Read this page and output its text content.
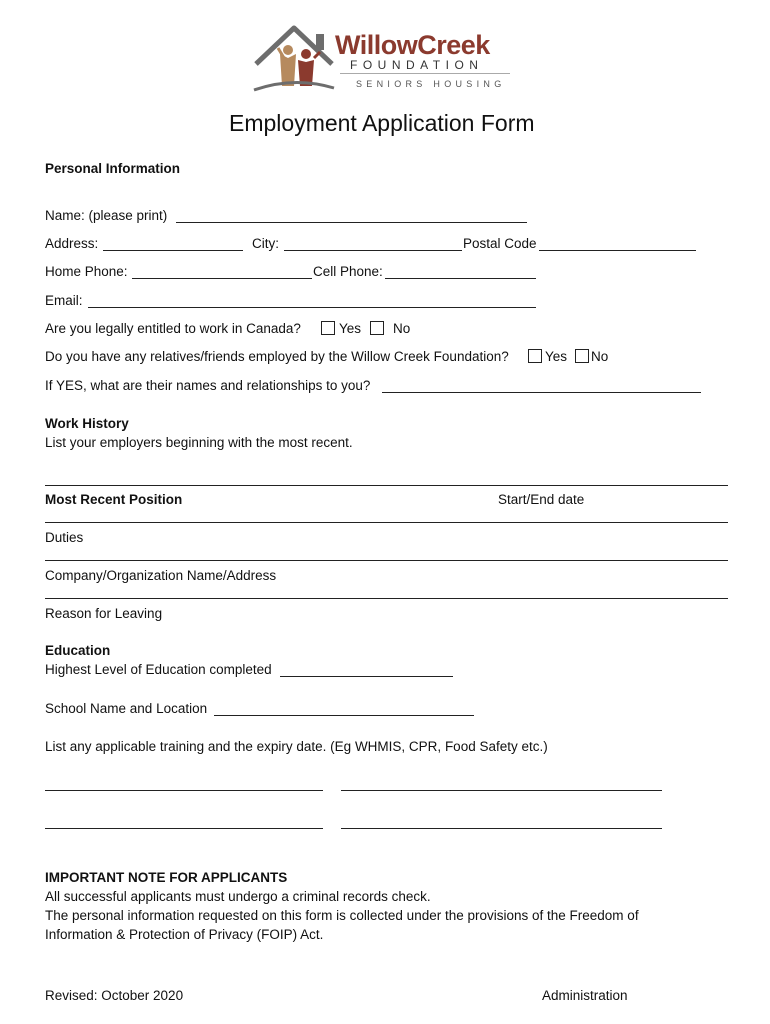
WillowCreek
FOUNDATION
SENIORS HOUSING
Employment Application Form
Personal Information
Name: (please print)
Address:	City:	Postal Code
Home Phone:	Cell Phone:
Email:
Are you legally entitled to work in Canada?	Yes No
Do you have any relatives/friends employed by the Willow Creek Foundation?	Yes No
If YES, what are their names and relationships to you?
Work History
List your employers beginning with the most recent.
Most Recent Position	Start/End date
Duties
Company/Organization Name/Address
Reason for Leaving
Education
Highest Level of Education completed
School Name and Location
List any applicable training and the expiry date. (Eg WHMIS, CPR, Food Safety etc.)
IMPORTANT NOTE FOR APPLICANTS
All successful applicants must undergo a criminal records check.
The personal information requested on this form is collected under the provisions of the Freedom of
Information & Protection of Privacy (FOIP) Act.
Revised: October 2020	Administration
